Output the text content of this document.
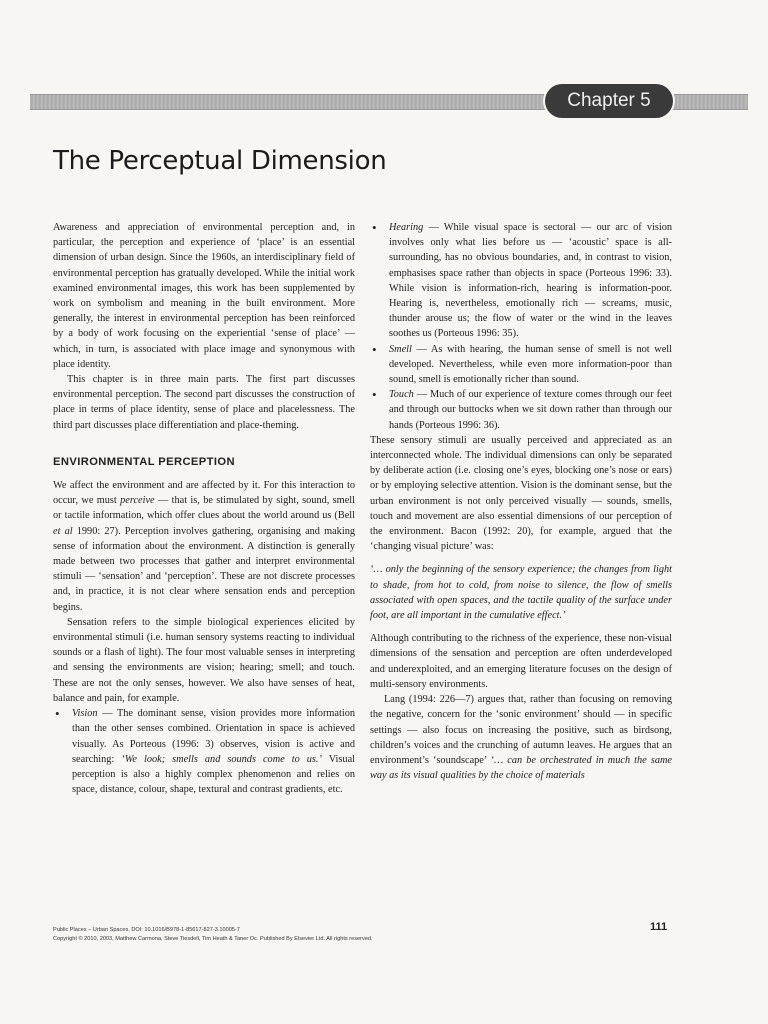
Chapter 5
The Perceptual Dimension

Awareness and appreciation of environmental perception and, in particular, the perception and experience of ‘place’ is an essential dimension of urban design. Since the 1960s, an interdisciplinary field of environmental perception has gratually developed. While the initial work examined environmental images, this work has been supplemented by work on symbolism and meaning in the built environment. More generally, the interest in environmental perception has been reinforced by a body of work focusing on the experiential ‘sense of place’ — which, in turn, is associated with place image and synonymous with place identity.

This chapter is in three main parts. The first part discusses environmental perception. The second part discusses the construction of place in terms of place identity, sense of place and placelessness. The third part discusses place differentiation and place-theming.

ENVIRONMENTAL PERCEPTION

We affect the environment and are affected by it. For this interaction to occur, we must perceive — that is, be stimulated by sight, sound, smell or tactile information, which offer clues about the world around us (Bell et al 1990: 27). Perception involves gathering, organising and making sense of information about the environment. A distinction is generally made between two processes that gather and interpret environmental stimuli — ‘sensation’ and ‘perception’. These are not discrete processes and, in practice, it is not clear where sensation ends and perception begins.

Sensation refers to the simple biological experiences elicited by environmental stimuli (i.e. human sensory systems reacting to individual sounds or a flash of light). The four most valuable senses in interpreting and sensing the environments are vision; hearing; smell; and touch. These are not the only senses, however. We also have senses of heat, balance and pain, for example.

• Vision — The dominant sense, vision provides more information than the other senses combined. Orientation in space is achieved visually. As Porteous (1996: 3) observes, vision is active and searching: ‘We look; smells and sounds come to us.’ Visual perception is also a highly complex phenomenon and relies on space, distance, colour, shape, textural and contrast gradients, etc.
• Hearing — While visual space is sectoral — our arc of vision involves only what lies before us — ‘acoustic’ space is all-surrounding, has no obvious boundaries, and, in contrast to vision, emphasises space rather than objects in space (Porteous 1996: 33). While vision is information-rich, hearing is information-poor. Hearing is, nevertheless, emotionally rich — screams, music, thunder arouse us; the flow of water or the wind in the leaves soothes us (Porteous 1996: 35).
• Smell — As with hearing, the human sense of smell is not well developed. Nevertheless, while even more information-poor than sound, smell is emotionally richer than sound.
• Touch — Much of our experience of texture comes through our feet and through our buttocks when we sit down rather than through our hands (Porteous 1996: 36).

These sensory stimuli are usually perceived and appreciated as an interconnected whole. The individual dimensions can only be separated by deliberate action (i.e. closing one’s eyes, blocking one’s nose or ears) or by employing selective attention. Vision is the dominant sense, but the urban environment is not only perceived visually — sounds, smells, touch and movement are also essential dimensions of our perception of the environment. Bacon (1992: 20), for example, argued that the ‘changing visual picture’ was:

‘… only the beginning of the sensory experience; the changes from light to shade, from hot to cold, from noise to silence, the flow of smells associated with open spaces, and the tactile quality of the surface under foot, are all important in the cumulative effect.’

Although contributing to the richness of the experience, these non-visual dimensions of the sensation and perception are often underdeveloped and underexploited, and an emerging literature focuses on the design of multi-sensory environments.

Lang (1994: 226—7) argues that, rather than focusing on removing the negative, concern for the ‘sonic environment’ should — in specific settings — also focus on increasing the positive, such as birdsong, children’s voices and the crunching of autumn leaves. He argues that an environment’s ‘soundscape’ ‘… can be orchestrated in much the same way as its visual qualities by the choice of materials

Public Places – Urban Spaces. DOI: 10.1016/B978-1-85617-827-3.10005-7
Copyright © 2010, 2003, Matthew Carmona, Steve Tiesdell, Tim Heath & Taner Oc. Published By Elsevier Ltd. All rights reserved.
111
